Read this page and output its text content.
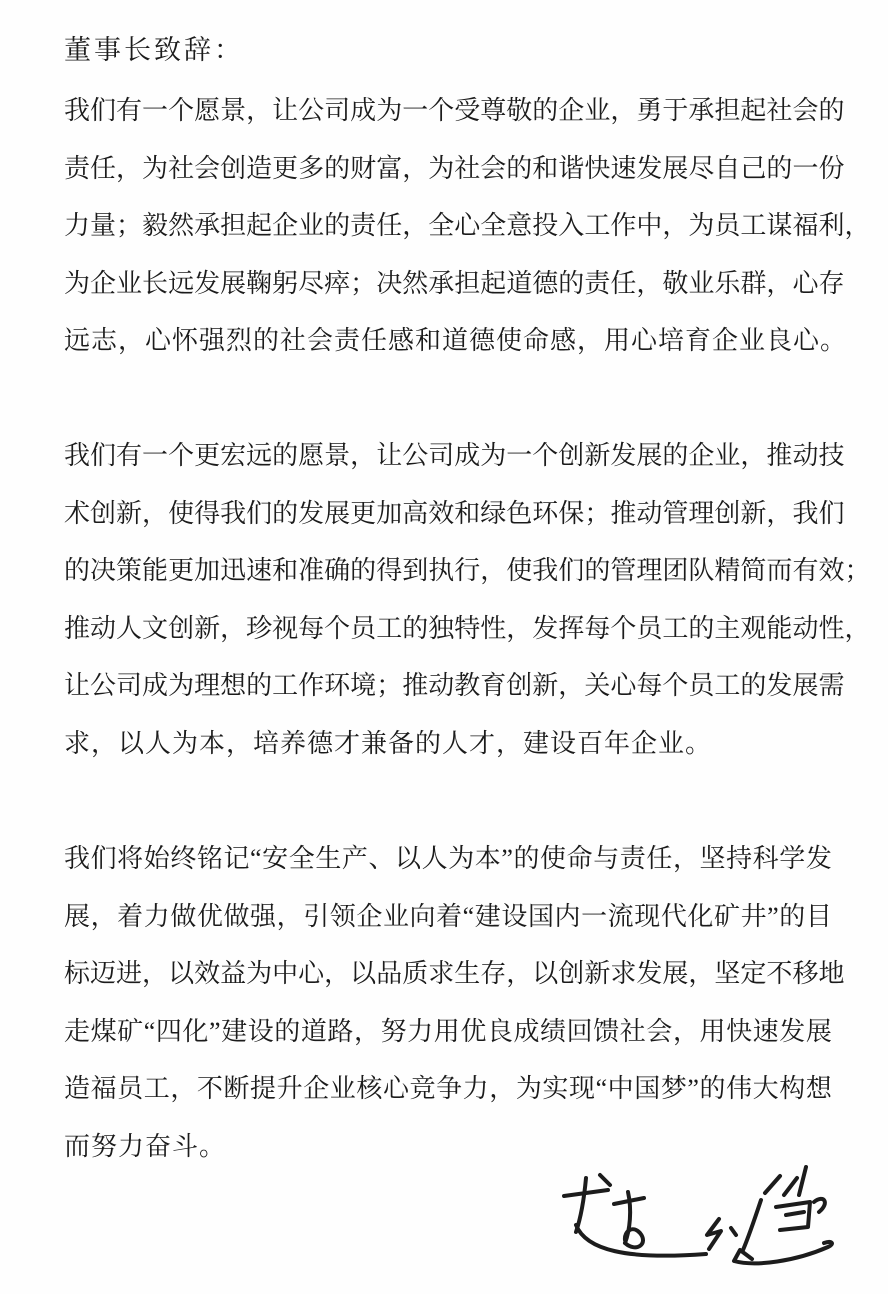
董事长致辞：
我 们 有 一 个 愿 景 ， 让 公 司 成 为 一 个 受 尊 敬 的 企 业 ， 勇 于 承 担 起 社 会 的
责 任 ， 为 社 会 创 造 更 多 的 财 富 ， 为 社 会 的 和 谐 快 速 发 展 尽 自 己 的 一 份
力 量 ； 毅 然 承 担 起 企 业 的 责 任 ， 全 心 全 意 投 入 工 作 中 ， 为 员 工 谋 福 利 ，
为 企 业 长 远 发 展 鞠 躬 尽 瘁 ； 决 然 承 担 起 道 德 的 责 任 ， 敬 业 乐 群 ， 心 存
远志，心怀强烈的社会责任感和道德使命感，用心培育企业良心。
我 们 有 一 个 更 宏 远 的 愿 景 ， 让 公 司 成 为 一 个 创 新 发 展 的 企 业 ， 推 动 技
术 创 新 ， 使 得 我 们 的 发 展 更 加 高 效 和 绿 色 环 保 ； 推 动 管 理 创 新 ， 我 们
的 决 策 能 更 加 迅 速 和 准 确 的 得 到 执 行 ， 使 我 们 的 管 理 团 队 精 简 而 有 效 ；
推 动 人 文 创 新 ， 珍 视 每 个 员 工 的 独 特 性 ， 发 挥 每 个 员 工 的 主 观 能 动 性 ，
让 公 司 成 为 理 想 的 工 作 环 境 ； 推 动 教 育 创 新 ， 关 心 每 个 员 工 的 发 展 需
求，以人为本，培养德才兼备的人才，建设百年企业。
我 们 将 始 终 铭 记 “ 安 全 生 产 、 以 人 为 本 ” 的 使 命 与 责 任 ， 坚 持 科 学 发
展 ， 着 力 做 优 做 强 ， 引 领 企 业 向 着 “ 建 设 国 内 一 流 现 代 化 矿 井 ” 的 目
标 迈 进 ， 以 效 益 为 中 心 ， 以 品 质 求 生 存 ， 以 创 新 求 发 展 ， 坚 定 不 移 地
走 煤 矿 “ 四 化 ” 建 设 的 道 路 ， 努 力 用 优 良 成 绩 回 馈 社 会 ， 用 快 速 发 展
造 福 员 工 ， 不 断 提 升 企 业 核 心 竞 争 力 ， 为 实 现 “ 中 国 梦 ” 的 伟 大 构 想
而努力奋斗。
